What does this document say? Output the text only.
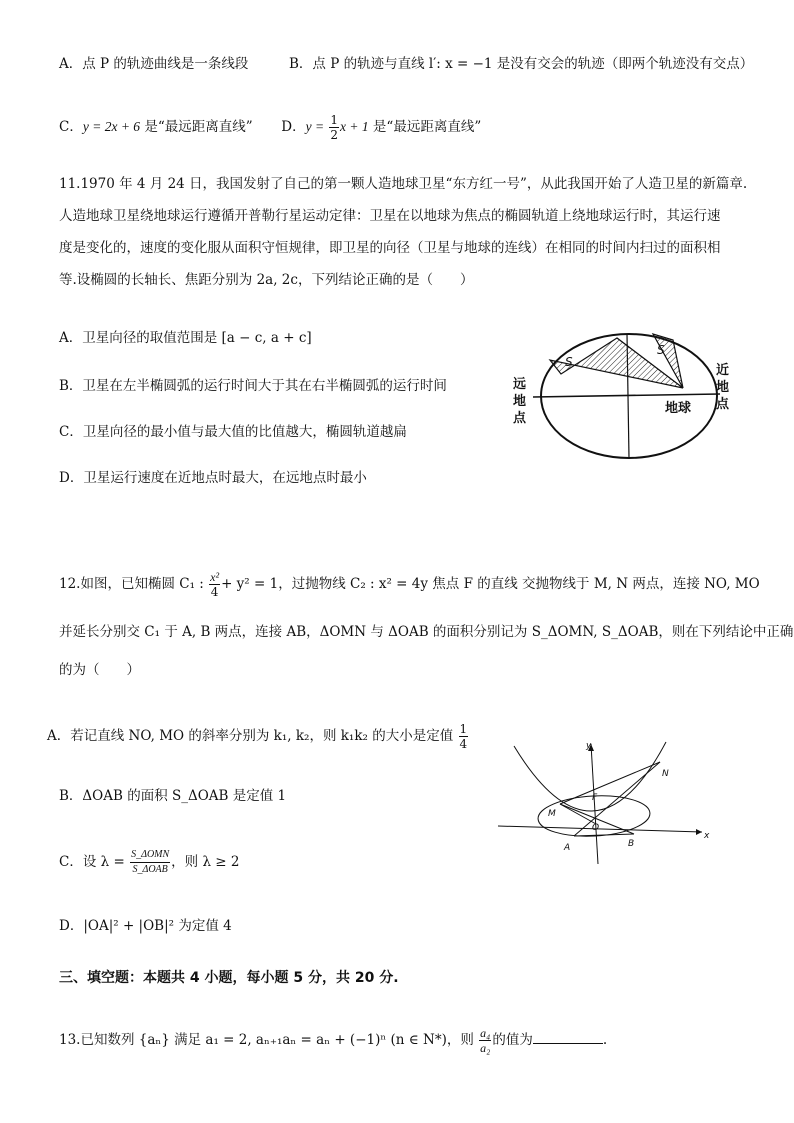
A．点 P 的轨迹曲线是一条线段	B．点 P 的轨迹与直线 l′: x = −1 是没有交会的轨迹（即两个轨迹没有交点）
C．y = 2x + 6 是“最远距离直线” D．$y = \frac{1}{2}$ x + 1 是“最远距离直线”
11.1970 年 4 月 24 日，我国发射了自己的第一颗人造地球卫星“东方红一号”，从此我国开始了人造卫星的新篇章.
人造地球卫星绕地球运行遵循开普勒行星运动定律：卫星在以地球为焦点的椭圆轨道上绕地球运行时，其运行速
度是变化的，速度的变化服从面积守恒规律，即卫星的向径（卫星与地球的连线）在相同的时间内扫过的面积相
等.设椭圆的长轴长、焦距分别为 2a, 2c，下列结论正确的是（　　）
A．卫星向径的取值范围是 [a − c, a + c]
B．卫星在左半椭圆弧的运行时间大于其在右半椭圆弧的运行时间
C．卫星向径的最小值与最大值的比值越大，椭圆轨道越扁
D．卫星运行速度在近地点时最大，在远地点时最小
S
S
地球
远
地
点
近
地
点
12.如图，已知椭圆 C₁ : $\frac{\text{x²}}{4} + y^2 = 1$，过抛物线 C₂ : x² = 4y 焦点 F 的直线 交抛物线于 M, N 两点，连接 NO, MO
并延长分别交 C₁ 于 A, B 两点，连接 AB，ΔOMN 与 ΔOAB 的面积分别记为 S_ΔOMN, S_ΔOAB，则在下列结论中正确
的为（　　）
A．若记直线 NO, MO 的斜率分别为 k₁, k₂，则 k₁k₂ 的大小是定值 $\frac{1}{4}$
B．ΔOAB 的面积 S_ΔOAB 是定值 1
C．设 $\lambda = \frac{\text{S\_ΔOMN}}{\text{S\_ΔOAB}}$ ，则 λ ≥ 2
D．|OA|² + |OB|² 为定值 4
y
x
N
M
F
O
A	B
三、填空题：本题共 4 小题，每小题 5 分，共 20 分.
13.已知数列 {aₙ} 满足 a₁ = 2, aₙ₊₁aₙ = aₙ + (−1)ⁿ (n ∈ N*)，则 $\frac{\text{a₄}}{\text{a₂}}$ 的值为	.
